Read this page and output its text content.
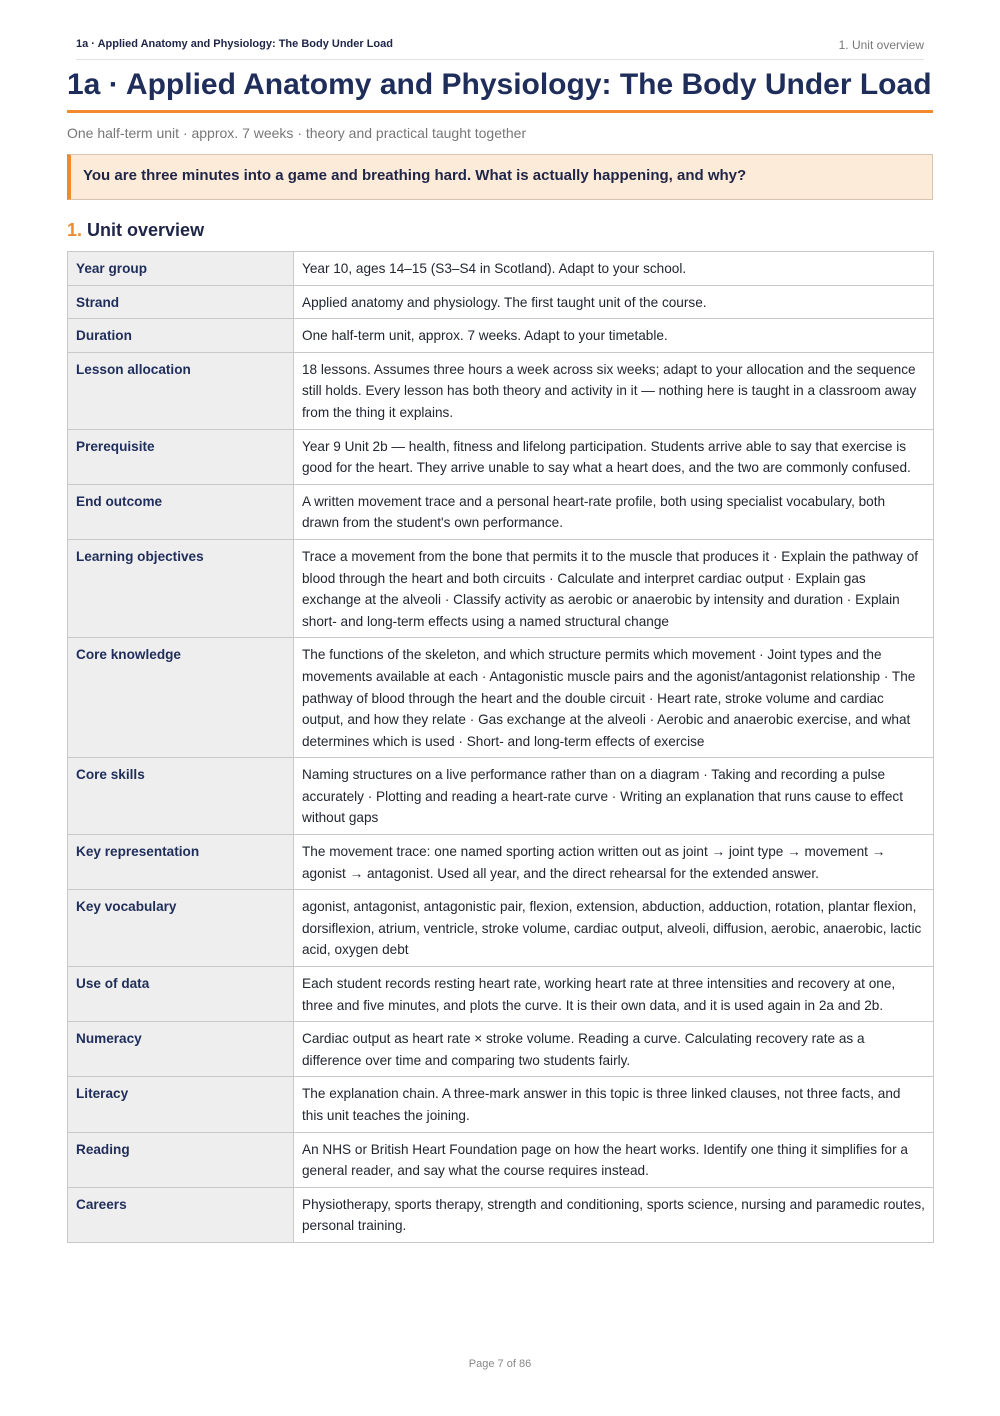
1a · Applied Anatomy and Physiology: The Body Under Load	1. Unit overview
1a · Applied Anatomy and Physiology: The Body Under Load
One half-term unit · approx. 7 weeks · theory and practical taught together
You are three minutes into a game and breathing hard. What is actually happening, and why?
1. Unit overview
Year group	Year 10, ages 14–15 (S3–S4 in Scotland). Adapt to your school.
Strand	Applied anatomy and physiology. The first taught unit of the course.
Duration	One half-term unit, approx. 7 weeks. Adapt to your timetable.
Lesson allocation	18 lessons. Assumes three hours a week across six weeks; adapt to your allocation and the sequence still holds. Every lesson has both theory and activity in it — nothing here is taught in a classroom away from the thing it explains.
Prerequisite	Year 9 Unit 2b — health, fitness and lifelong participation. Students arrive able to say that exercise is good for the heart. They arrive unable to say what a heart does, and the two are commonly confused.
End outcome	A written movement trace and a personal heart-rate profile, both using specialist vocabulary, both drawn from the student's own performance.
Learning objectives	Trace a movement from the bone that permits it to the muscle that produces it · Explain the pathway of blood through the heart and both circuits · Calculate and interpret cardiac output · Explain gas exchange at the alveoli · Classify activity as aerobic or anaerobic by intensity and duration · Explain short- and long-term effects using a named structural change
Core knowledge	The functions of the skeleton, and which structure permits which movement · Joint types and the movements available at each · Antagonistic muscle pairs and the agonist/antagonist relationship · The pathway of blood through the heart and the double circuit · Heart rate, stroke volume and cardiac output, and how they relate · Gas exchange at the alveoli · Aerobic and anaerobic exercise, and what determines which is used · Short- and long-term effects of exercise
Core skills	Naming structures on a live performance rather than on a diagram · Taking and recording a pulse accurately · Plotting and reading a heart-rate curve · Writing an explanation that runs cause to effect without gaps
Key representation	The movement trace: one named sporting action written out as joint → joint type → movement → agonist → antagonist. Used all year, and the direct rehearsal for the extended answer.
Key vocabulary	agonist, antagonist, antagonistic pair, flexion, extension, abduction, adduction, rotation, plantar flexion, dorsiflexion, atrium, ventricle, stroke volume, cardiac output, alveoli, diffusion, aerobic, anaerobic, lactic acid, oxygen debt
Use of data	Each student records resting heart rate, working heart rate at three intensities and recovery at one, three and five minutes, and plots the curve. It is their own data, and it is used again in 2a and 2b.
Numeracy	Cardiac output as heart rate × stroke volume. Reading a curve. Calculating recovery rate as a difference over time and comparing two students fairly.
Literacy	The explanation chain. A three-mark answer in this topic is three linked clauses, not three facts, and this unit teaches the joining.
Reading	An NHS or British Heart Foundation page on how the heart works. Identify one thing it simplifies for a general reader, and say what the course requires instead.
Careers	Physiotherapy, sports therapy, strength and conditioning, sports science, nursing and paramedic routes, personal training.
Page 7 of 86
